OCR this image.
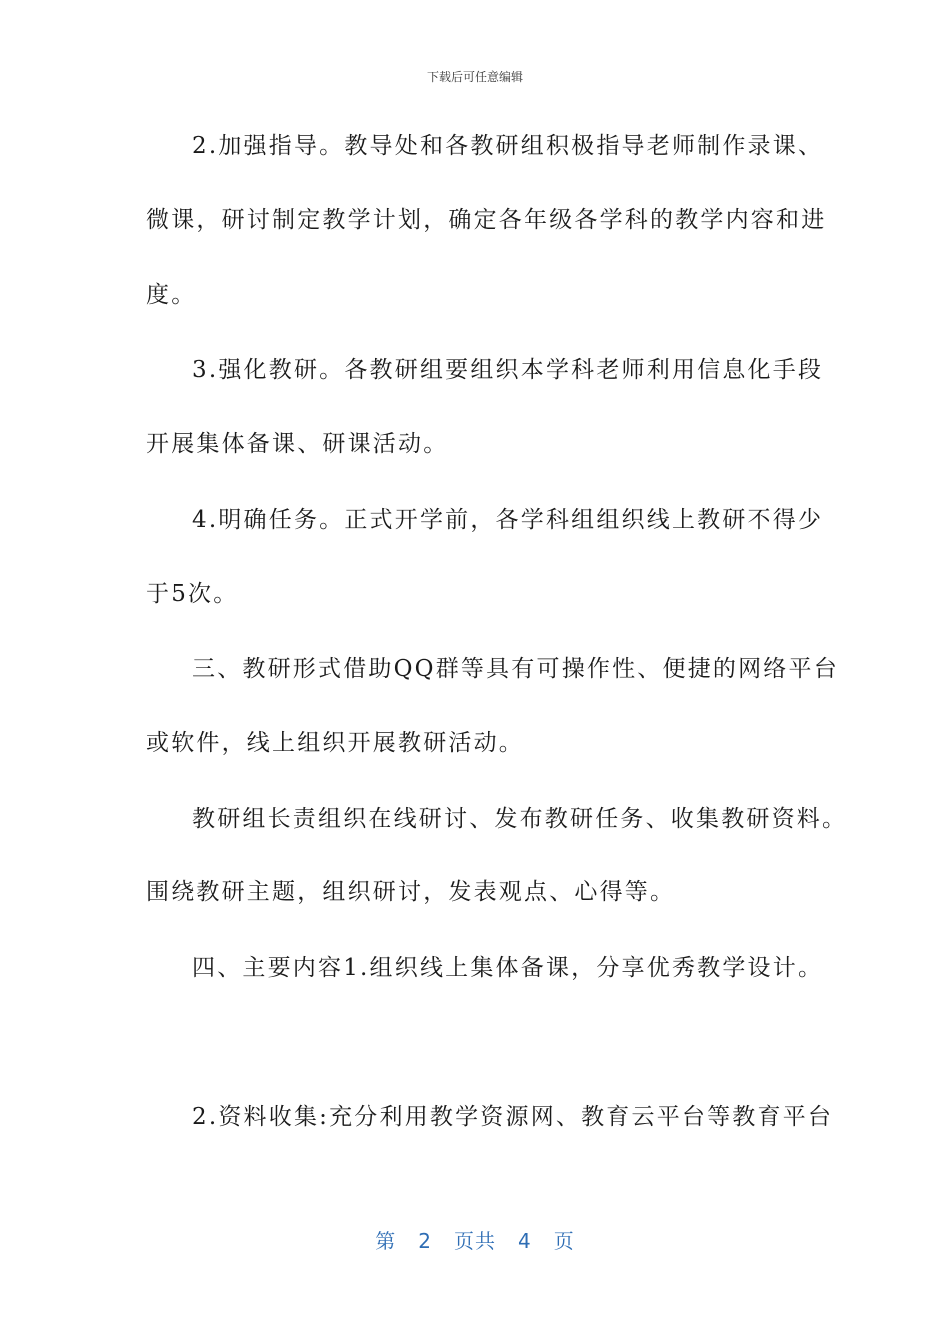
下载后可任意编辑
2.加强指导。教导处和各教研组积极指导老师制作录课、
微课，研讨制定教学计划，确定各年级各学科的教学内容和进
度。
3.强化教研。各教研组要组织本学科老师利用信息化手段
开展集体备课、研课活动。
4.明确任务。正式开学前，各学科组组织线上教研不得少
于5次。
三、教研形式借助QQ群等具有可操作性、便捷的网络平台
或软件，线上组织开展教研活动。
教研组长责组织在线研讨、发布教研任务、收集教研资料。
围绕教研主题，组织研讨，发表观点、心得等。
四、主要内容1.组织线上集体备课，分享优秀教学设计。
2.资料收集:充分利用教学资源网、教育云平台等教育平台
第 2 页共 4 页
